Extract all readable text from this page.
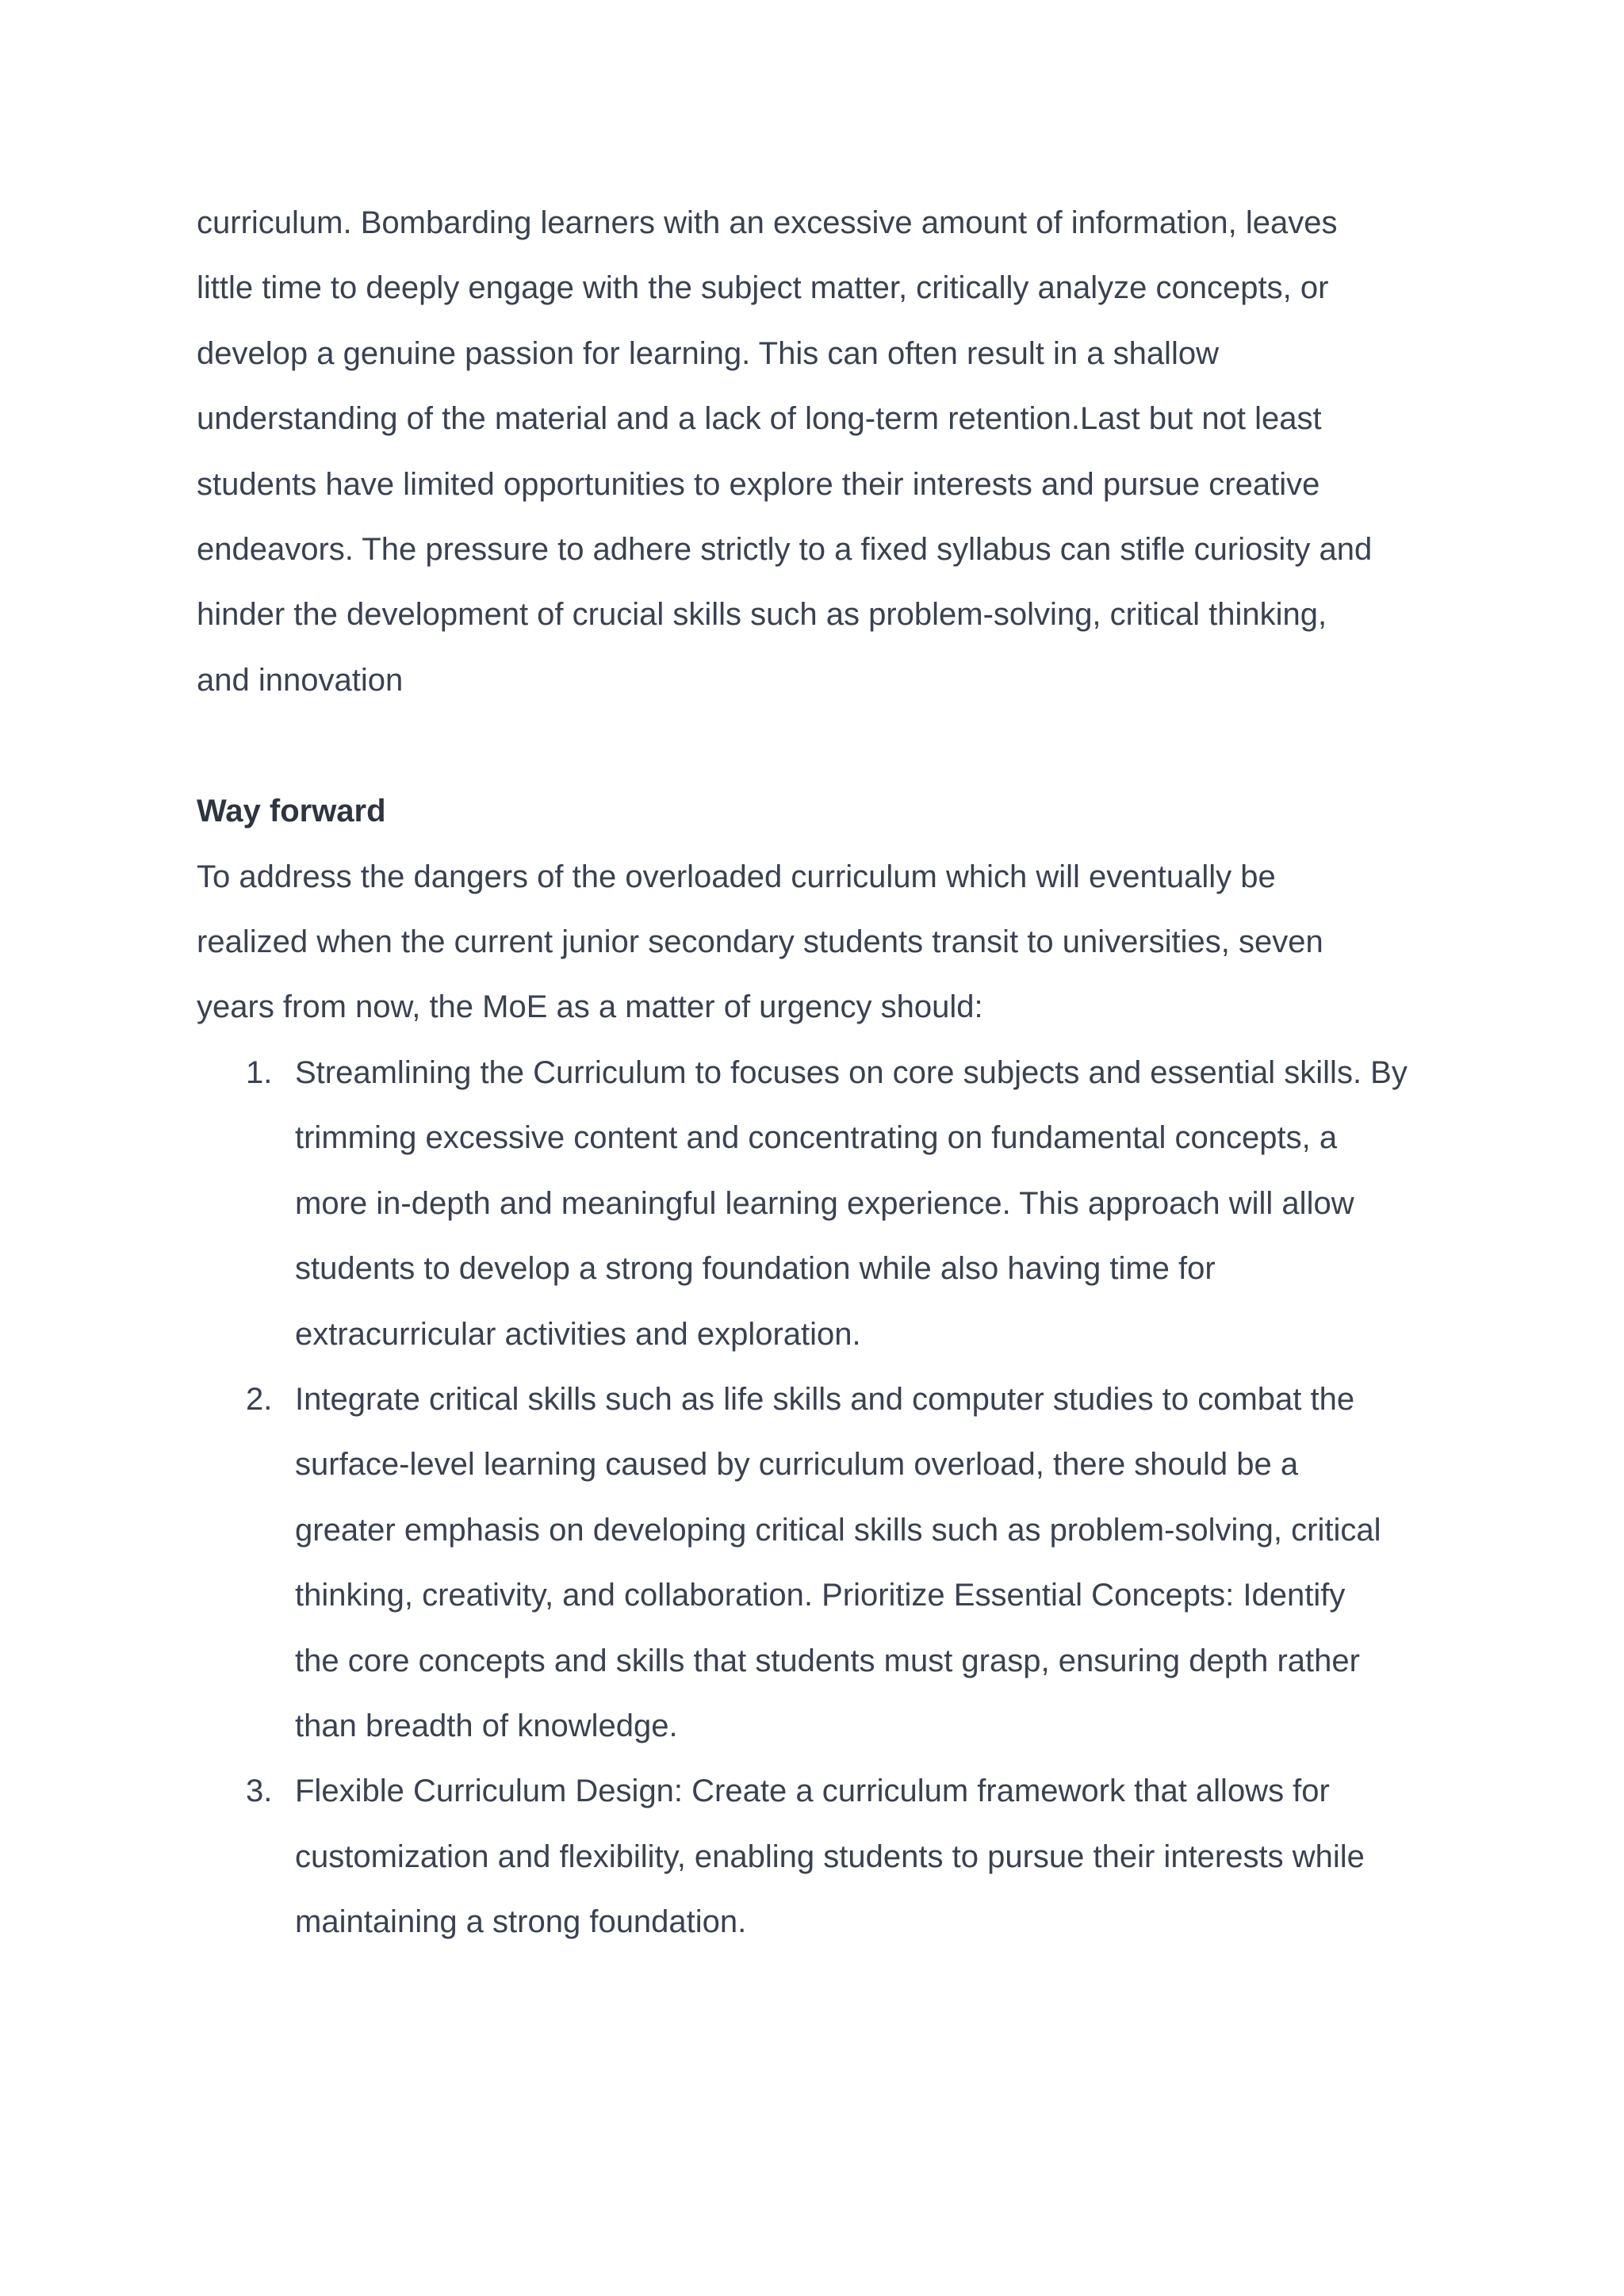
curriculum. Bombarding learners with an excessive amount of information, leaves
little time to deeply engage with the subject matter, critically analyze concepts, or
develop a genuine passion for learning. This can often result in a shallow
understanding of the material and a lack of long-term retention.Last but not least
students have limited opportunities to explore their interests and pursue creative
endeavors. The pressure to adhere strictly to a fixed syllabus can stifle curiosity and
hinder the development of crucial skills such as problem-solving, critical thinking,
and innovation
Way forward
To address the dangers of the overloaded curriculum which will eventually be
realized when the current junior secondary students transit to universities, seven
years from now, the MoE as a matter of urgency should:
1. Streamlining the Curriculum to focuses on core subjects and essential skills. By
trimming excessive content and concentrating on fundamental concepts, a
more in-depth and meaningful learning experience. This approach will allow
students to develop a strong foundation while also having time for
extracurricular activities and exploration.
2. Integrate critical skills such as life skills and computer studies to combat the
surface-level learning caused by curriculum overload, there should be a
greater emphasis on developing critical skills such as problem-solving, critical
thinking, creativity, and collaboration. Prioritize Essential Concepts: Identify
the core concepts and skills that students must grasp, ensuring depth rather
than breadth of knowledge.
3. Flexible Curriculum Design: Create a curriculum framework that allows for
customization and flexibility, enabling students to pursue their interests while
maintaining a strong foundation.
